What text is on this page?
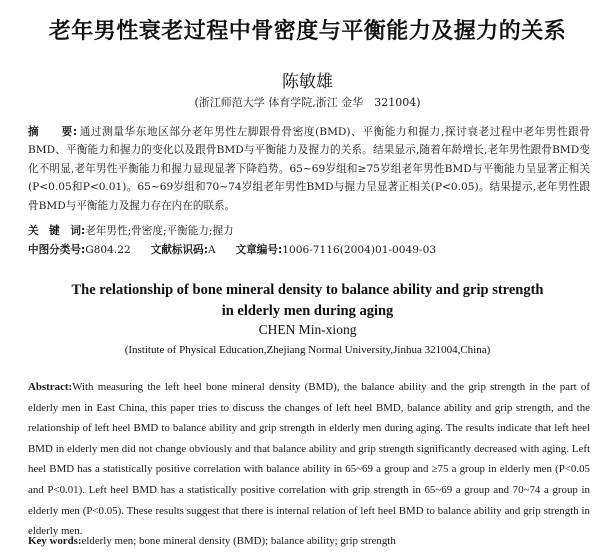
老年男性衰老过程中骨密度与平衡能力及握力的关系
陈敏雄
(浙江师范大学 体育学院,浙江 金华　321004)
摘　　要: 通过测量华东地区部分老年男性左脚跟骨骨密度(BMD)、平衡能力和握力,探讨衰老过程中老年男性跟骨BMD、平衡能力和握力的变化以及跟骨BMD与平衡能力及握力的关系。结果显示,随着年龄增长,老年男性跟骨BMD变化不明显,老年男性平衡能力和握力显现显著下降趋势。65~69岁组和≥75岁组老年男性BMD与平衡能力呈显著正相关(P<0.05和P<0.01)。65~69岁组和70~74岁组老年男性BMD与握力呈显著正相关(P<0.05)。结果提示,老年男性跟骨BMD与平衡能力及握力存在内在的联系。
关　键　词:老年男性;骨密度;平衡能力;握力
中图分类号:G804.22 文献标识码:A 文章编号:1006-7116(2004)01-0049-03
The relationship of bone mineral density to balance ability and grip strength
in elderly men during aging
CHEN Min-xiong
(Institute of Physical Education,Zhejiang Normal University,Jinhua 321004,China)
Abstract:With measuring the left heel bone mineral density (BMD), the balance ability and the grip strength in the part of elderly men in East China, this paper tries to discuss the changes of left heel BMD, balance ability and grip strength, and the relationship of left heel BMD to balance ability and grip strength in elderly men during aging. The results indicate that left heel BMD in elderly men did not change obviously and that balance ability and grip strength significantly decreased with aging. Left heel BMD has a statistically positive correlation with balance ability in 65~69 a group and ≥75 a group in elderly men (P<0.05 and P<0.01). Left heel BMD has a statistically positive correlation with grip strength in 65~69 a group and 70~74 a group in elderly men (P<0.05). These results suggest that there is internal relation of left heel BMD to balance ability and grip strength in elderly men.
Key words:elderly men; bone mineral density (BMD); balance ability; grip strength
